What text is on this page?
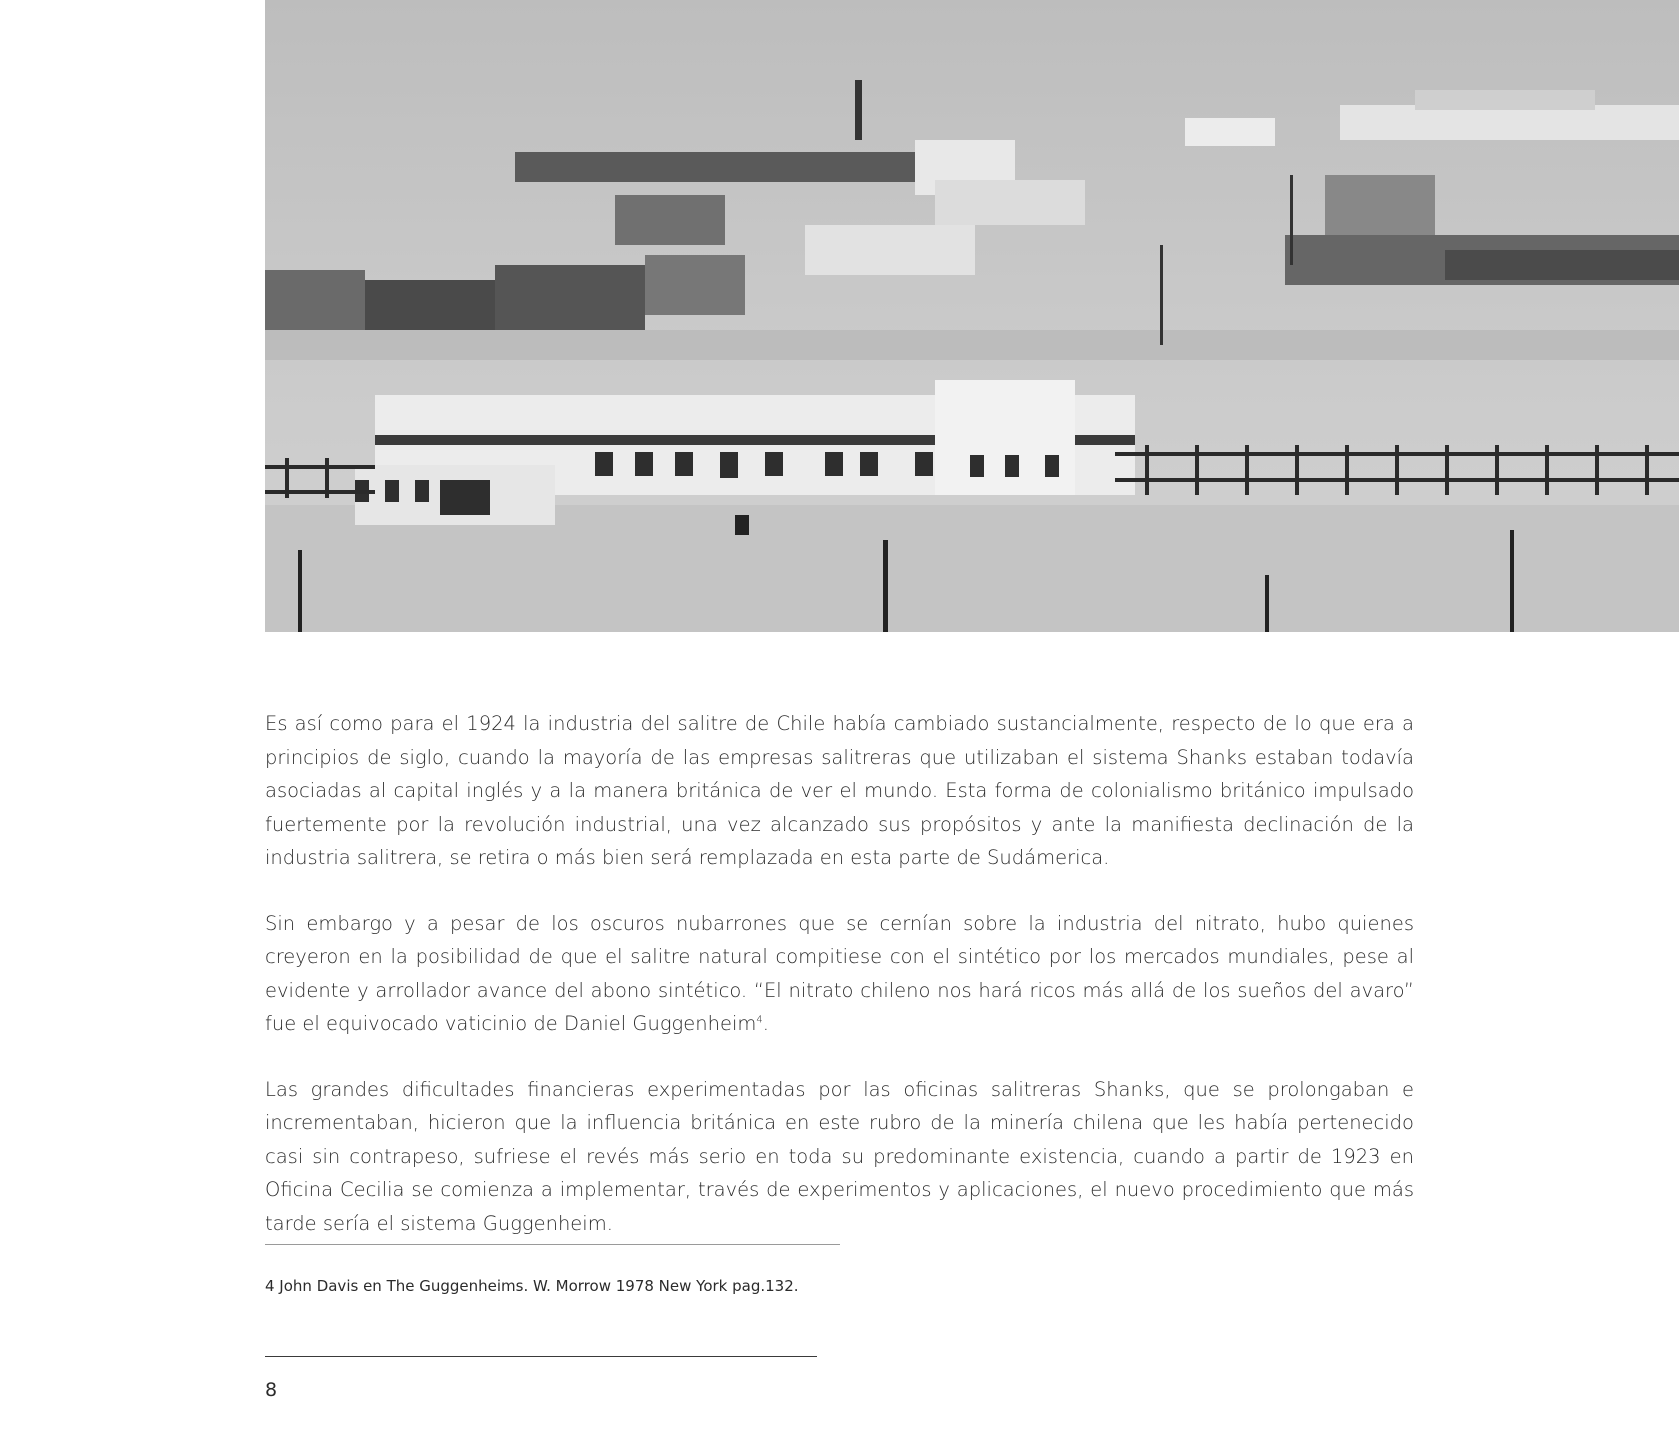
Es así como para el 1924 la industria del salitre de Chile había cambiado sustancialmente, respecto de lo que era a principios de siglo, cuando la mayoría de las empresas salitreras que utilizaban el sistema Shanks estaban todavía asociadas al capital inglés y a la manera británica de ver el mundo. Esta forma de colonialismo británico impulsado fuertemente por la revolución industrial, una vez alcanzado sus propósitos y ante la manifiesta declinación de la industria salitrera, se retira o más bien será remplazada en esta parte de Sudámerica.

Sin embargo y a pesar de los oscuros nubarrones que se cernían sobre la industria del nitrato, hubo quienes creyeron en la posibilidad de que el salitre natural compitiese con el sintético por los mercados mundiales, pese al evidente y arrollador avance del abono sintético. “El nitrato chileno nos hará ricos más allá de los sueños del avaro” fue el equivocado vaticinio de Daniel Guggenheim$^4$.

Las grandes dificultades financieras experimentadas por las oficinas salitreras Shanks, que se prolongaban e incrementaban, hicieron que la influencia británica en este rubro de la minería chilena que les había pertenecido casi sin contrapeso, sufriese el revés más serio en toda su predominante existencia, cuando a partir de 1923 en Oficina Cecilia se comienza a implementar, través de experimentos y aplicaciones, el nuevo procedimiento que más tarde sería el sistema Guggenheim.

4 John Davis en The Guggenheims. W. Morrow 1978 New York pag.132.
8
